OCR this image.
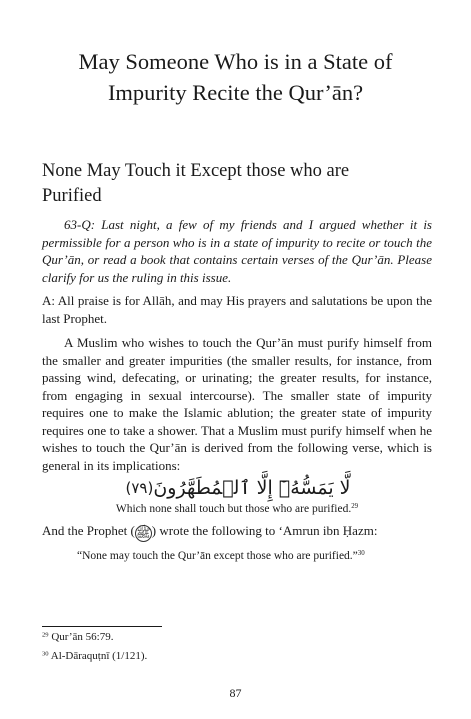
May Someone Who is in a State of
Impurity Recite the Qur’ān?
None May Touch it Except those who are
Purified

63-Q: Last night, a few of my friends and I argued whether it is permissible for a person who is in a state of impurity to recite or touch the Qur’ān, or read a book that contains certain verses of the Qur’ān. Please clarify for us the ruling in this issue.

A: All praise is for Allāh, and may His prayers and salutations be upon the last Prophet.

A Muslim who wishes to touch the Qur’ān must purify himself from the smaller and greater impurities (the smaller results, for instance, from passing wind, defecating, or urinating; the greater results, for instance, from engaging in sexual intercourse). The smaller state of impurity requires one to make the Islamic ablution; the greater state of impurity requires one to take a shower. That a Muslim must purify himself when he wishes to touch the Qur’ān is derived from the following verse, which is general in its implications:

لَّا يَمَسُّهُۥٓ إِلَّا ٱلۡمُطَهَّرُونَ(٧٩)

Which none shall touch but those who are purified.$^{29}$

And the Prophet (ﷺ) wrote the following to ‘Amrun ibn Ḥazm:

“None may touch the Qur’ān except those who are purified.”$^{30}$

$^{29}$ Qur’ān 56:79.

$^{30}$ Al-Dāraquṭnī (1/121).

87
